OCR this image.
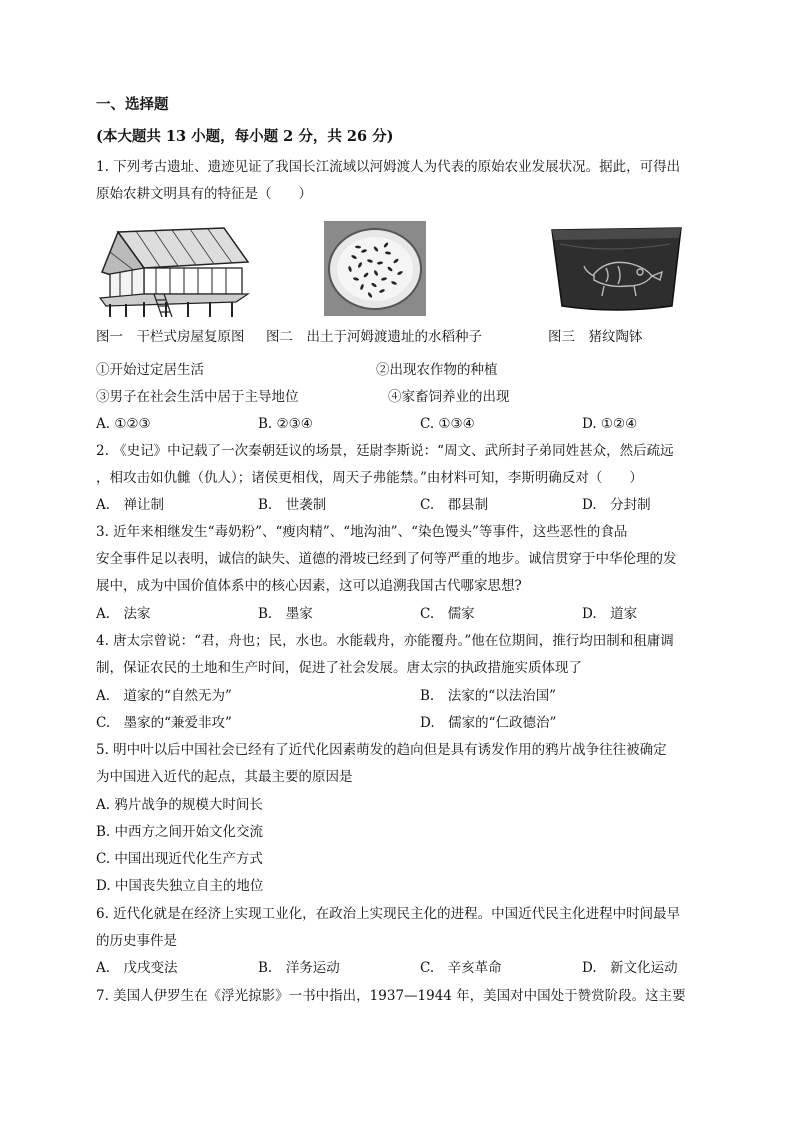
一、选择题
(本大题共 13 小题，每小题 2 分，共 26 分)
1. 下列考古遗址、遗迹见证了我国长江流域以河姆渡人为代表的原始农业发展状况。据此，可得出
原始农耕文明具有的特征是（　　）
图一　干栏式房屋复原图 图二　出土于河姆渡遗址的水稻种子	图三　猪纹陶钵
①开始过定居生活	②出现农作物的种植
③男子在社会生活中居于主导地位	④家畜饲养业的出现
A. ①②③	B. ②③④	C. ①③④	D. ①②④
2. 《史记》中记载了一次秦朝廷议的场景，廷尉李斯说：“周文、武所封子弟同姓甚众，然后疏远
，相攻击如仇雠（仇人）；诸侯更相伐，周天子弗能禁。”由材料可知，李斯明确反对（　　）
A.　禅让制	B.　世袭制	C.　郡县制	D.　分封制
3. 近年来相继发生“毒奶粉”、“瘦肉精”、“地沟油”、“染色馒头”等事件，这些恶性的食品
安全事件足以表明，诚信的缺失、道德的滑坡已经到了何等严重的地步。诚信贯穿于中华伦理的发
展中，成为中国价值体系中的核心因素，这可以追溯我国古代哪家思想?
A.　法家	B.　墨家	C.　儒家	D.　道家
4. 唐太宗曾说：“君，舟也；民，水也。水能载舟，亦能覆舟。”他在位期间，推行均田制和租庸调
制，保证农民的土地和生产时间，促进了社会发展。唐太宗的执政措施实质体现了
A.　道家的“自然无为”	B.　法家的“以法治国”
C.　墨家的“兼爱非攻”	D.　儒家的“仁政德治”
5. 明中叶以后中国社会已经有了近代化因素萌发的趋向但是具有诱发作用的鸦片战争往往被确定
为中国进入近代的起点，其最主要的原因是
A. 鸦片战争的规模大时间长
B. 中西方之间开始文化交流
C. 中国出现近代化生产方式
D. 中国丧失独立自主的地位
6. 近代化就是在经济上实现工业化，在政治上实现民主化的进程。中国近代民主化进程中时间最早
的历史事件是
A.　戊戌变法	B.　洋务运动	C.　辛亥革命	D.　新文化运动
7. 美国人伊罗生在《浮光掠影》一书中指出，1937—1944 年，美国对中国处于赞赏阶段。这主要
